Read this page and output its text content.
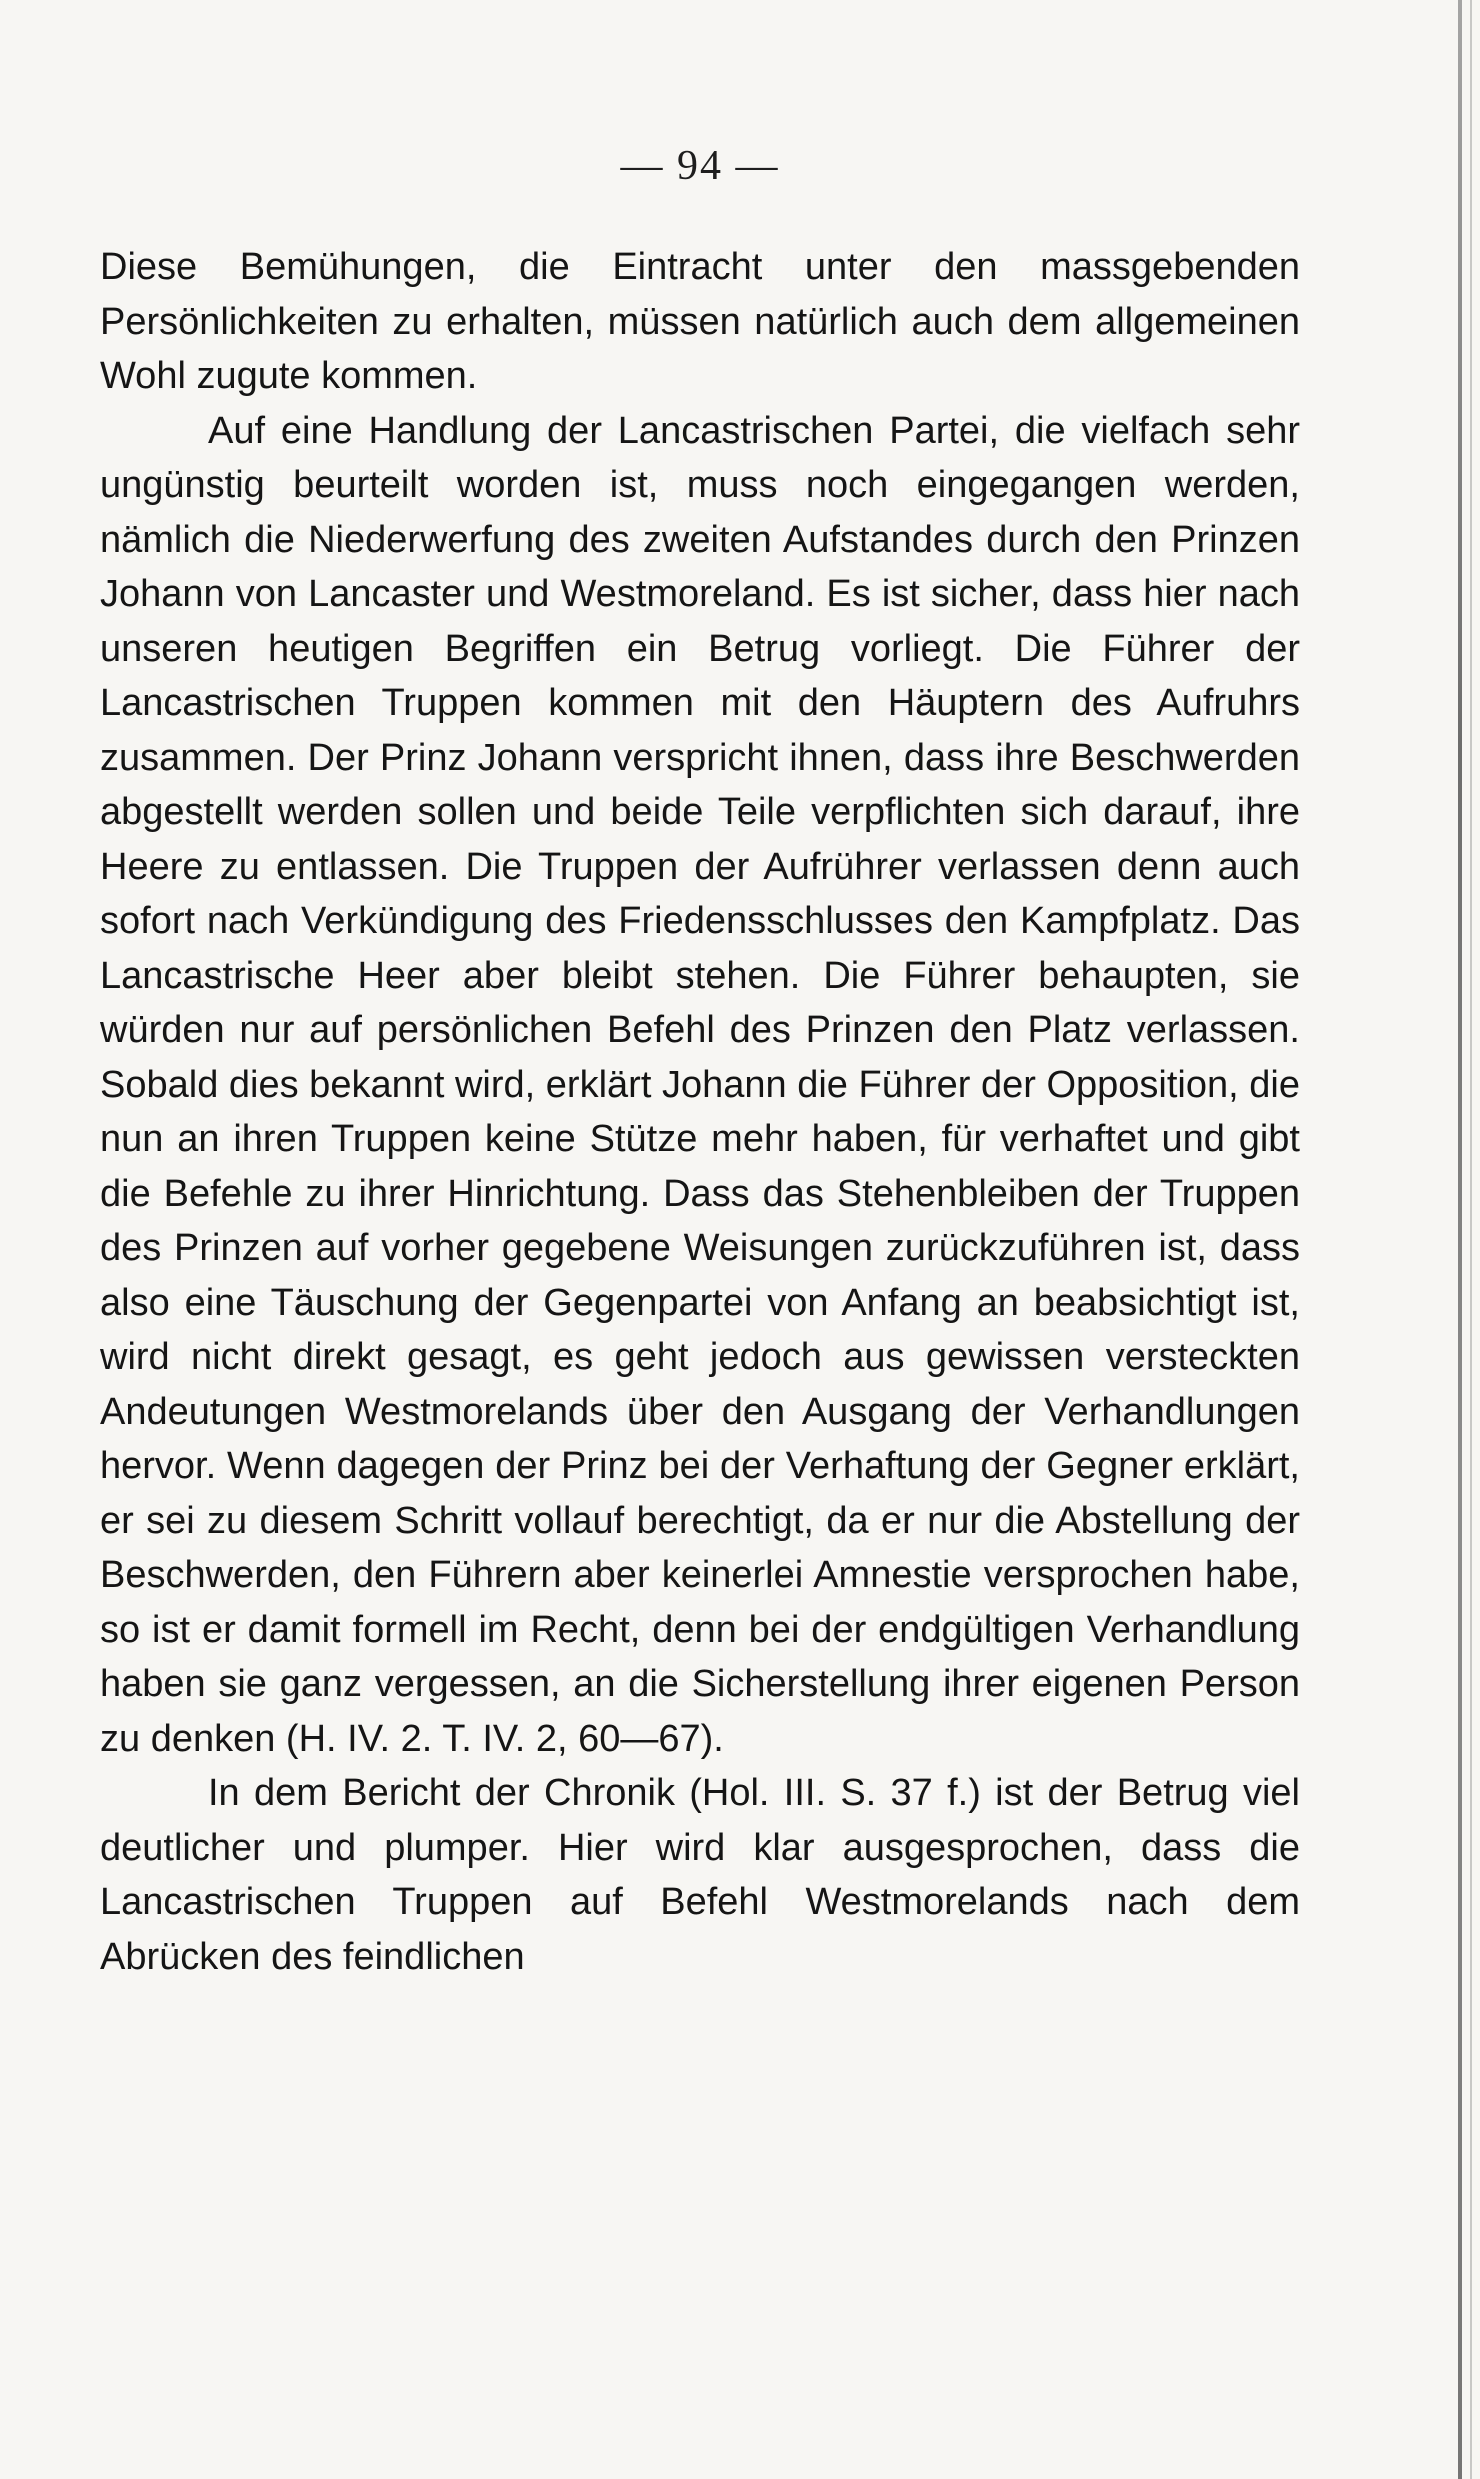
— 94 —

Diese Bemühungen, die Eintracht unter den massgebenden Persönlichkeiten zu erhalten, müssen natürlich auch dem allgemeinen Wohl zugute kommen.

Auf eine Handlung der Lancastrischen Partei, die vielfach sehr ungünstig beurteilt worden ist, muss noch eingegangen werden, nämlich die Niederwerfung des zweiten Aufstandes durch den Prinzen Johann von Lancaster und Westmoreland. Es ist sicher, dass hier nach unseren heutigen Begriffen ein Betrug vorliegt. Die Führer der Lancastrischen Truppen kommen mit den Häuptern des Aufruhrs zusammen. Der Prinz Johann verspricht ihnen, dass ihre Beschwerden abgestellt werden sollen und beide Teile verpflichten sich darauf, ihre Heere zu entlassen. Die Truppen der Aufrührer verlassen denn auch sofort nach Verkündigung des Friedensschlusses den Kampfplatz. Das Lancastrische Heer aber bleibt stehen. Die Führer behaupten, sie würden nur auf persönlichen Befehl des Prinzen den Platz verlassen. Sobald dies bekannt wird, erklärt Johann die Führer der Opposition, die nun an ihren Truppen keine Stütze mehr haben, für verhaftet und gibt die Befehle zu ihrer Hinrichtung. Dass das Stehenbleiben der Truppen des Prinzen auf vorher gegebene Weisungen zurückzuführen ist, dass also eine Täuschung der Gegenpartei von Anfang an beabsichtigt ist, wird nicht direkt gesagt, es geht jedoch aus gewissen versteckten Andeutungen Westmorelands über den Ausgang der Verhandlungen hervor. Wenn dagegen der Prinz bei der Verhaftung der Gegner erklärt, er sei zu diesem Schritt vollauf berechtigt, da er nur die Abstellung der Beschwerden, den Führern aber keinerlei Amnestie versprochen habe, so ist er damit formell im Recht, denn bei der endgültigen Verhandlung haben sie ganz vergessen, an die Sicherstellung ihrer eigenen Person zu denken (H. IV. 2. T. IV. 2, 60—67).

In dem Bericht der Chronik (Hol. III. S. 37 f.) ist der Betrug viel deutlicher und plumper. Hier wird klar ausgesprochen, dass die Lancastrischen Truppen auf Befehl Westmorelands nach dem Abrücken des feindlichen
